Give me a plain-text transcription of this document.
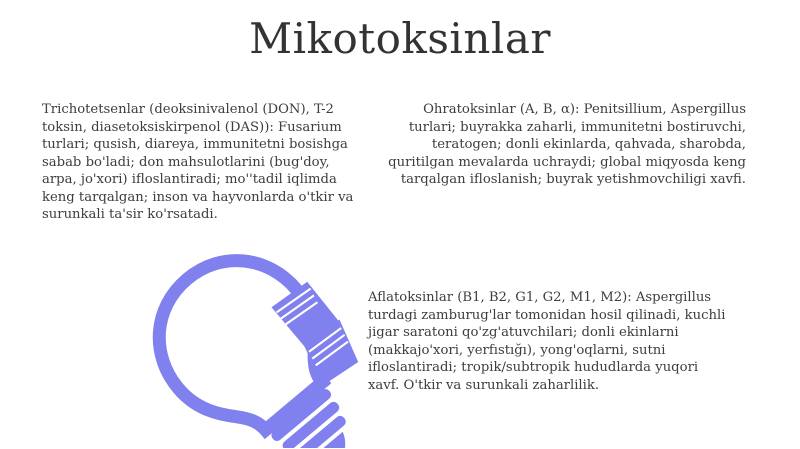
Mikotoksinlar
Trichotetsenlar (deoksinivalenol (DON), T-2 toksin, diasetoksiskirpenol (DAS)): Fusarium turlari; qusish, diareya, immunitetni bosishga sabab bo'ladi; don mahsulotlarini (bug'doy, arpa, jo'xori) ifloslantiradi; mo''tadil iqlimda keng tarqalgan; inson va hayvonlarda o'tkir va surunkali ta'sir ko'rsatadi.
Ohratoksinlar (A, B, α): Penitsillium, Aspergillus turlari; buyrakka zaharli, immunitetni bostiruvchi, teratogen; donli ekinlarda, qahvada, sharobda, quritilgan mevalarda uchraydi; global miqyosda keng tarqalgan ifloslanish; buyrak yetishmovchiligi xavfi.
Aflatoksinlar (B1, B2, G1, G2, M1, M2): Aspergillus turdagi zamburug'lar tomonidan hosil qilinadi, kuchli jigar saratoni qo'zg'atuvchilari; donli ekinlarni (makkajo'xori, yerfıstığı), yong'oqlarni, sutni ifloslantiradi; tropik/subtropik hududlarda yuqori xavf. O'tkir va surunkali zaharlilik.
